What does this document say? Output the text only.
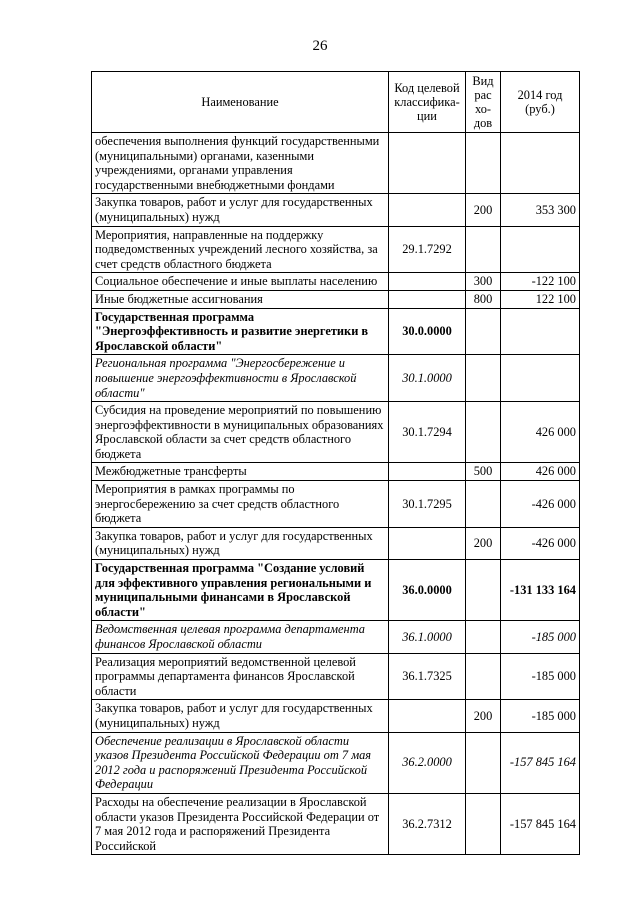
26
Наименование	Код целевой классифика-ции	Вид рас хо-дов	2014 год (руб.)
обеспечения выполнения функций государственными (муниципальными) органами, казенными учреждениями, органами управления государственными внебюджетными фондами			
Закупка товаров, работ и услуг для государственных (муниципальных) нужд		200	353 300
Мероприятия, направленные на поддержку подведомственных учреждений лесного хозяйства, за счет средств областного бюджета	29.1.7292		
Социальное обеспечение и иные выплаты населению		300	-122 100
Иные бюджетные ассигнования		800	122 100
Государственная программа "Энергоэффективность и развитие энергетики в Ярославской области"	30.0.0000		
Региональная программа "Энергосбережение и повышение энергоэффективности в Ярославской области"	30.1.0000		
Субсидия на проведение мероприятий по повышению энергоэффективности в муниципальных образованиях Ярославской области за счет средств областного бюджета	30.1.7294		426 000
Межбюджетные трансферты		500	426 000
Мероприятия в рамках программы по энергосбережению за счет средств областного бюджета	30.1.7295		-426 000
Закупка товаров, работ и услуг для государственных (муниципальных) нужд		200	-426 000
Государственная программа "Создание условий для эффективного управления региональными и муниципальными финансами в Ярославской области"	36.0.0000		-131 133 164
Ведомственная целевая программа департамента финансов Ярославской области	36.1.0000		-185 000
Реализация мероприятий ведомственной целевой программы департамента финансов Ярославской области	36.1.7325		-185 000
Закупка товаров, работ и услуг для государственных (муниципальных) нужд		200	-185 000
Обеспечение реализации в Ярославской области указов Президента Российской Федерации от 7 мая 2012 года и распоряжений Президента Российской Федерации	36.2.0000		-157 845 164
Расходы на обеспечение реализации в Ярославской области указов Президента Российской Федерации от 7 мая 2012 года и распоряжений Президента Российской	36.2.7312		-157 845 164
